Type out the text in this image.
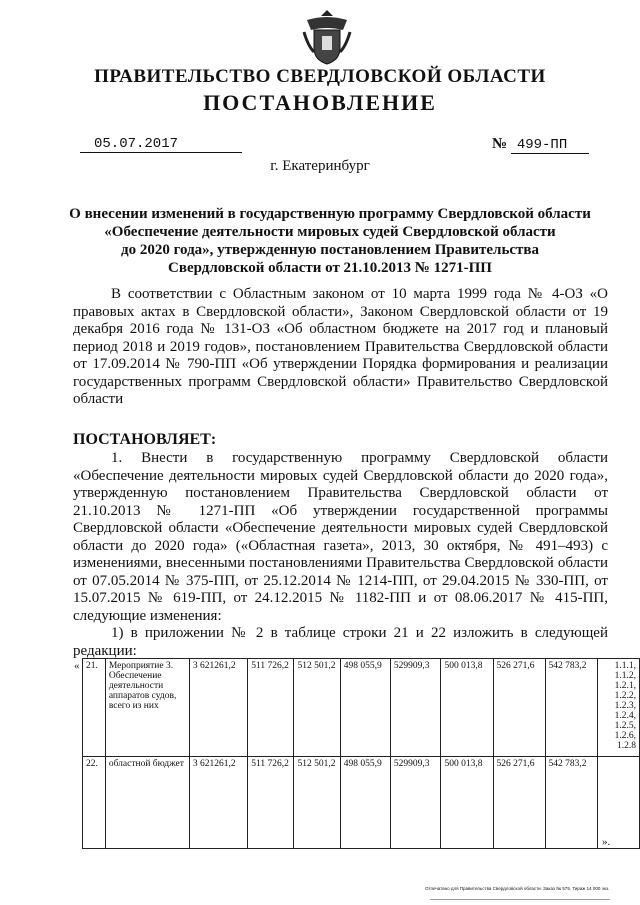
ПРАВИТЕЛЬСТВО СВЕРДЛОВСКОЙ ОБЛАСТИ
ПОСТАНОВЛЕНИЕ
05.07.2017	№ 499-ПП
г. Екатеринбург
О внесении изменений в государственную программу Свердловской области
«Обеспечение деятельности мировых судей Свердловской области
до 2020 года», утвержденную постановлением Правительства
Свердловской области от 21.10.2013 № 1271-ПП

В соответствии с Областным законом от 10 марта 1999 года № 4-ОЗ «О правовых актах в Свердловской области», Законом Свердловской области от 19 декабря 2016 года № 131-ОЗ «Об областном бюджете на 2017 год и плановый период 2018 и 2019 годов», постановлением Правительства Свердловской области от 17.09.2014 № 790-ПП «Об утверждении Порядка формирования и реализации государственных программ Свердловской области» Правительство Свердловской области

ПОСТАНОВЛЯЕТ:

1. Внести в государственную программу Свердловской области «Обеспечение деятельности мировых судей Свердловской области до 2020 года», утвержденную постановлением Правительства Свердловской области от 21.10.2013 № 1271-ПП «Об утверждении государственной программы Свердловской области «Обеспечение деятельности мировых судей Свердловской области до 2020 года» («Областная газета», 2013, 30 октября, № 491–493) с изменениями, внесенными постановлениями Правительства Свердловской области от 07.05.2014 № 375-ПП, от 25.12.2014 № 1214-ПП, от 29.04.2015 № 330-ПП, от 15.07.2015 № 619-ПП, от 24.12.2015 № 1182-ПП и от 08.06.2017 № 415-ПП, следующие изменения:

1) в приложении № 2 в таблице строки 21 и 22 изложить в следующей редакции:

« 21.	Мероприятие 3. Обеспечение деятельности аппаратов судов, всего из них	3 621261,2	511 726,2	512 501,2	498 055,9	529909,3	500 013,8	526 271,6	542 783,2	1.1.1, 1.1.2, 1.2.1, 1.2.2, 1.2.3, 1.2.4, 1.2.5, 1.2.6, 1.2.8
22.	областной бюджет	3 621261,2	511 726,2	512 501,2	498 055,9	529909,3	500 013,8	526 271,6	542 783,2	
».
Отпечатано для Правительства Свердловской области. Заказ № 575. Тираж 14 000 экз.
